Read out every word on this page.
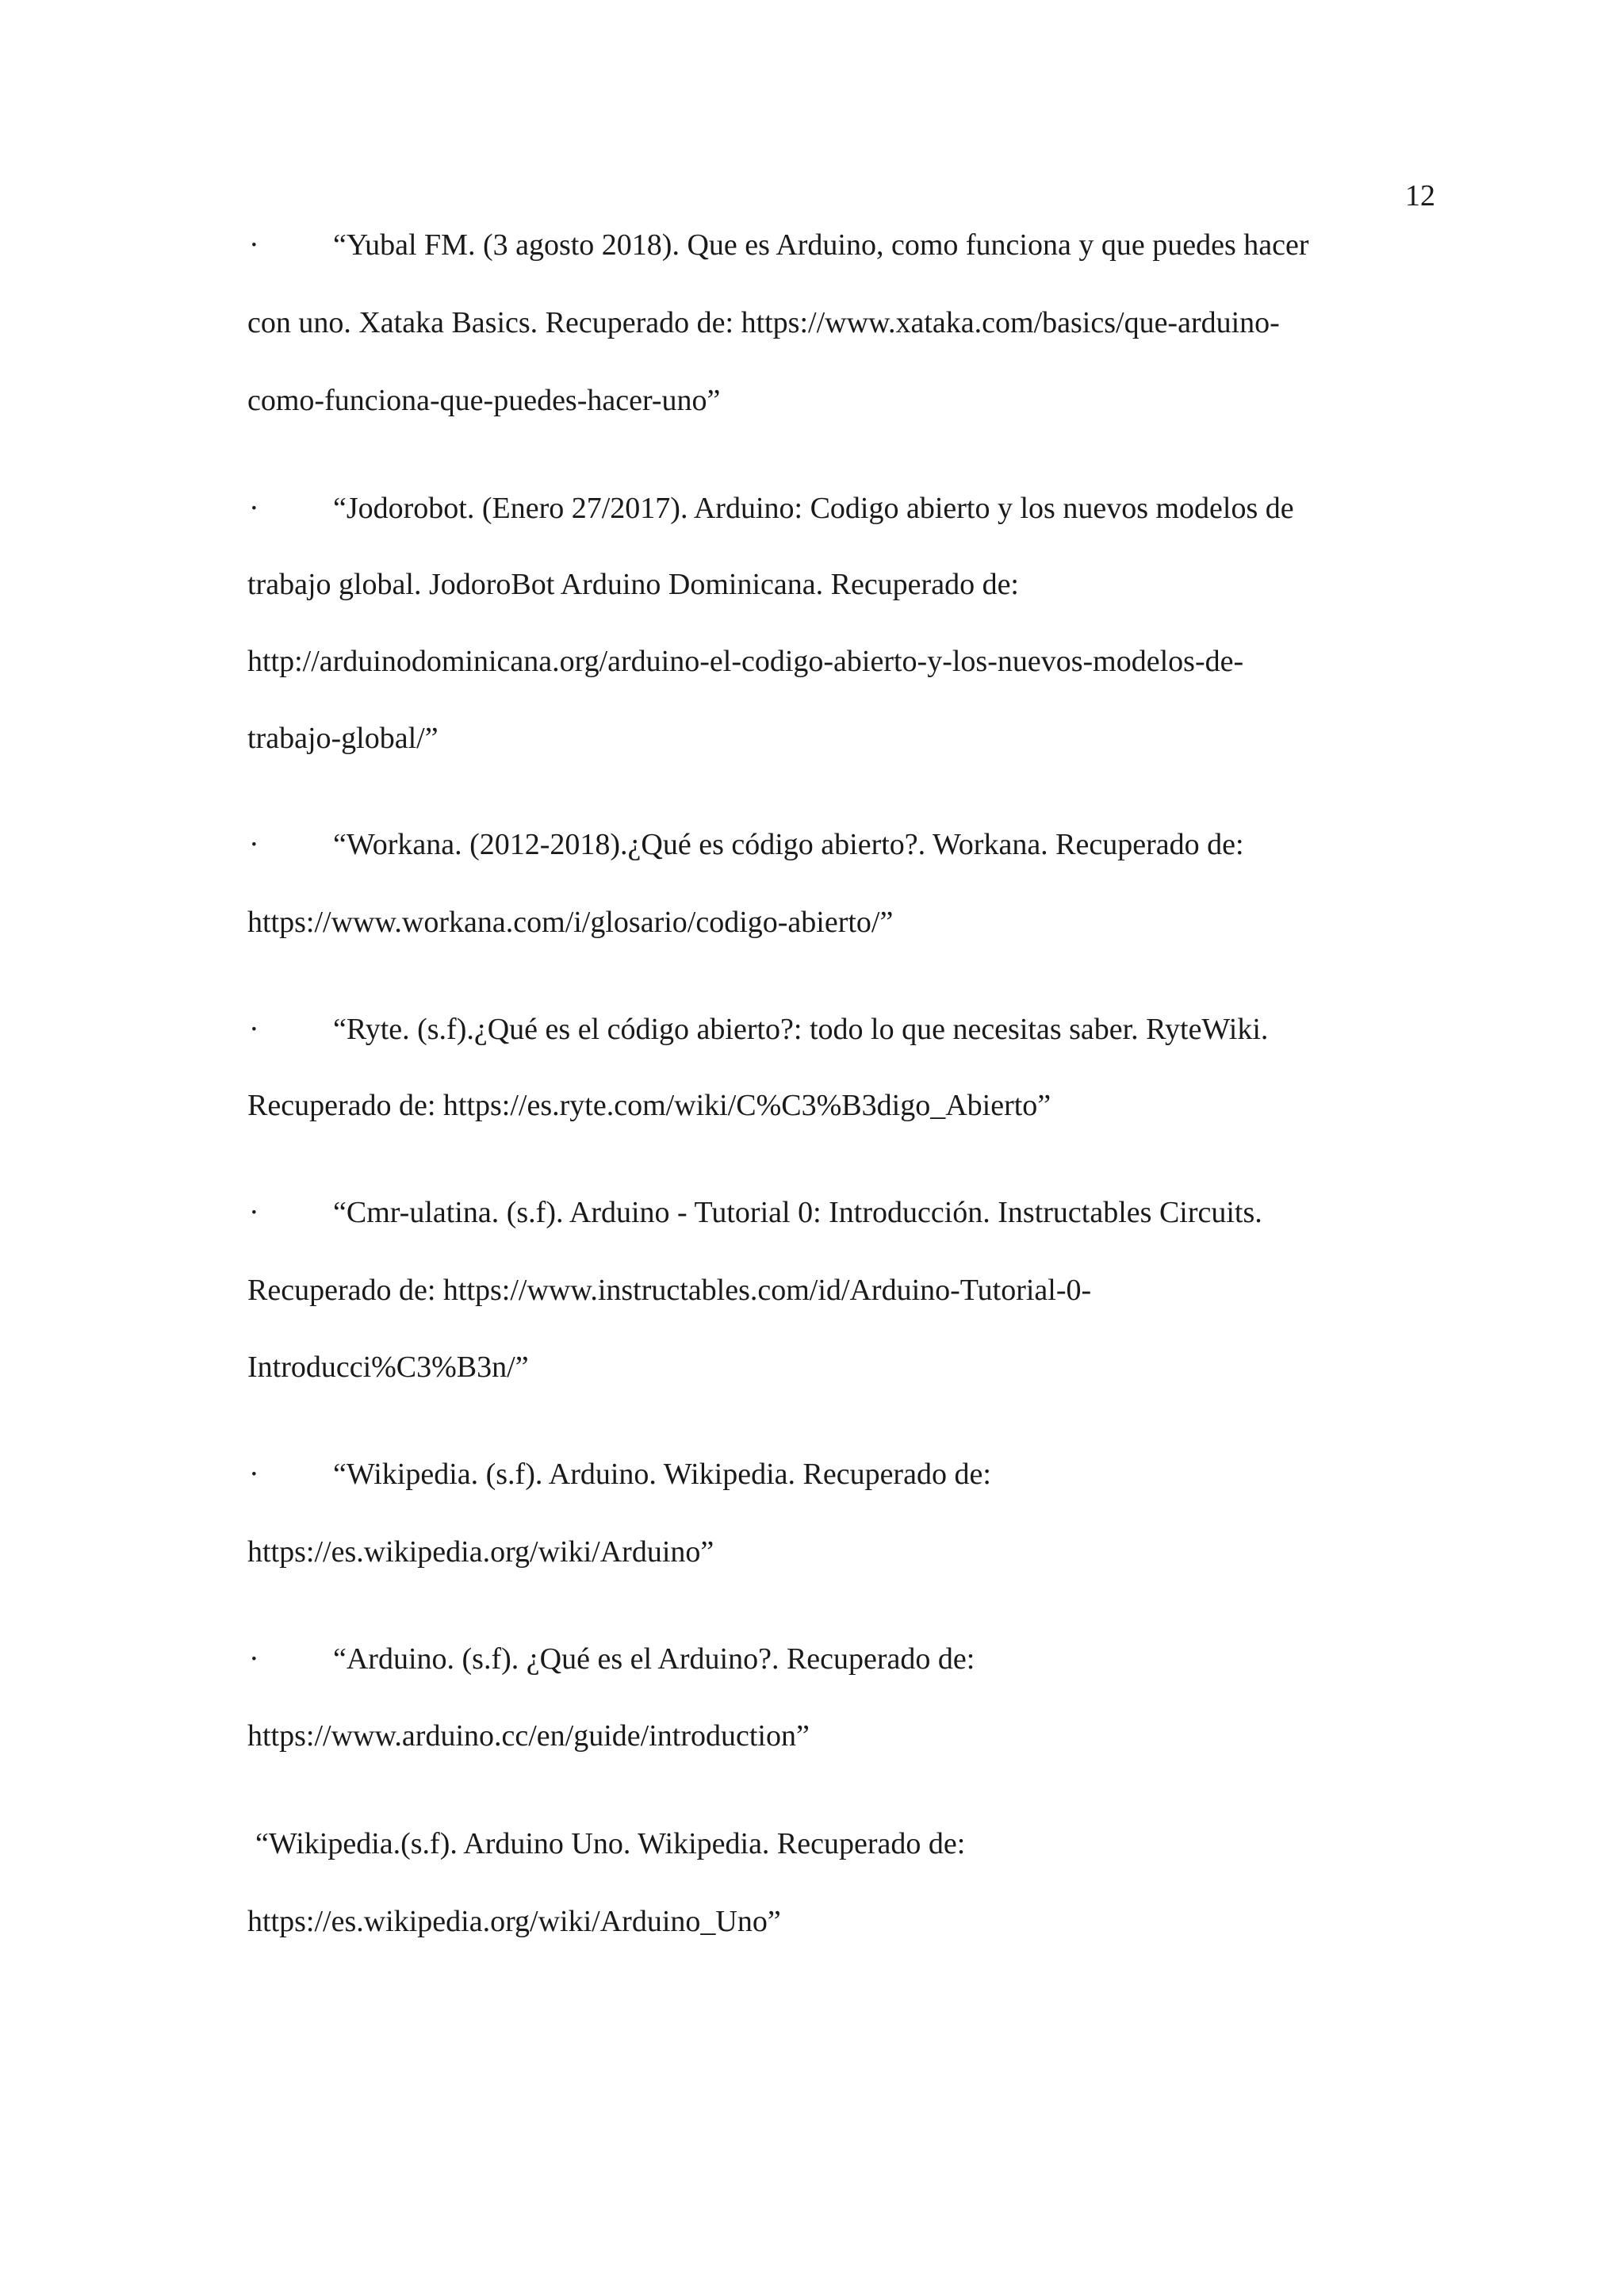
12
· “Yubal FM. (3 agosto 2018). Que es Arduino, como funciona y que puedes hacer
con uno. Xataka Basics. Recuperado de: https://www.xataka.com/basics/que-arduino-
como-funciona-que-puedes-hacer-uno”
· “Jodorobot. (Enero 27/2017). Arduino: Codigo abierto y los nuevos modelos de
trabajo global. JodoroBot Arduino Dominicana. Recuperado de:
http://arduinodominicana.org/arduino-el-codigo-abierto-y-los-nuevos-modelos-de-
trabajo-global/”
· “Workana. (2012-2018).¿Qué es código abierto?. Workana. Recuperado de:
https://www.workana.com/i/glosario/codigo-abierto/”
· “Ryte. (s.f).¿Qué es el código abierto?: todo lo que necesitas saber. RyteWiki.
Recuperado de: https://es.ryte.com/wiki/C%C3%B3digo_Abierto”
· “Cmr-ulatina. (s.f). Arduino - Tutorial 0: Introducción. Instructables Circuits.
Recuperado de: https://www.instructables.com/id/Arduino-Tutorial-0-
Introducci%C3%B3n/”
· “Wikipedia. (s.f). Arduino. Wikipedia. Recuperado de:
https://es.wikipedia.org/wiki/Arduino”
· “Arduino. (s.f). ¿Qué es el Arduino?. Recuperado de:
https://www.arduino.cc/en/guide/introduction”
“Wikipedia.(s.f). Arduino Uno. Wikipedia. Recuperado de:
https://es.wikipedia.org/wiki/Arduino_Uno”
